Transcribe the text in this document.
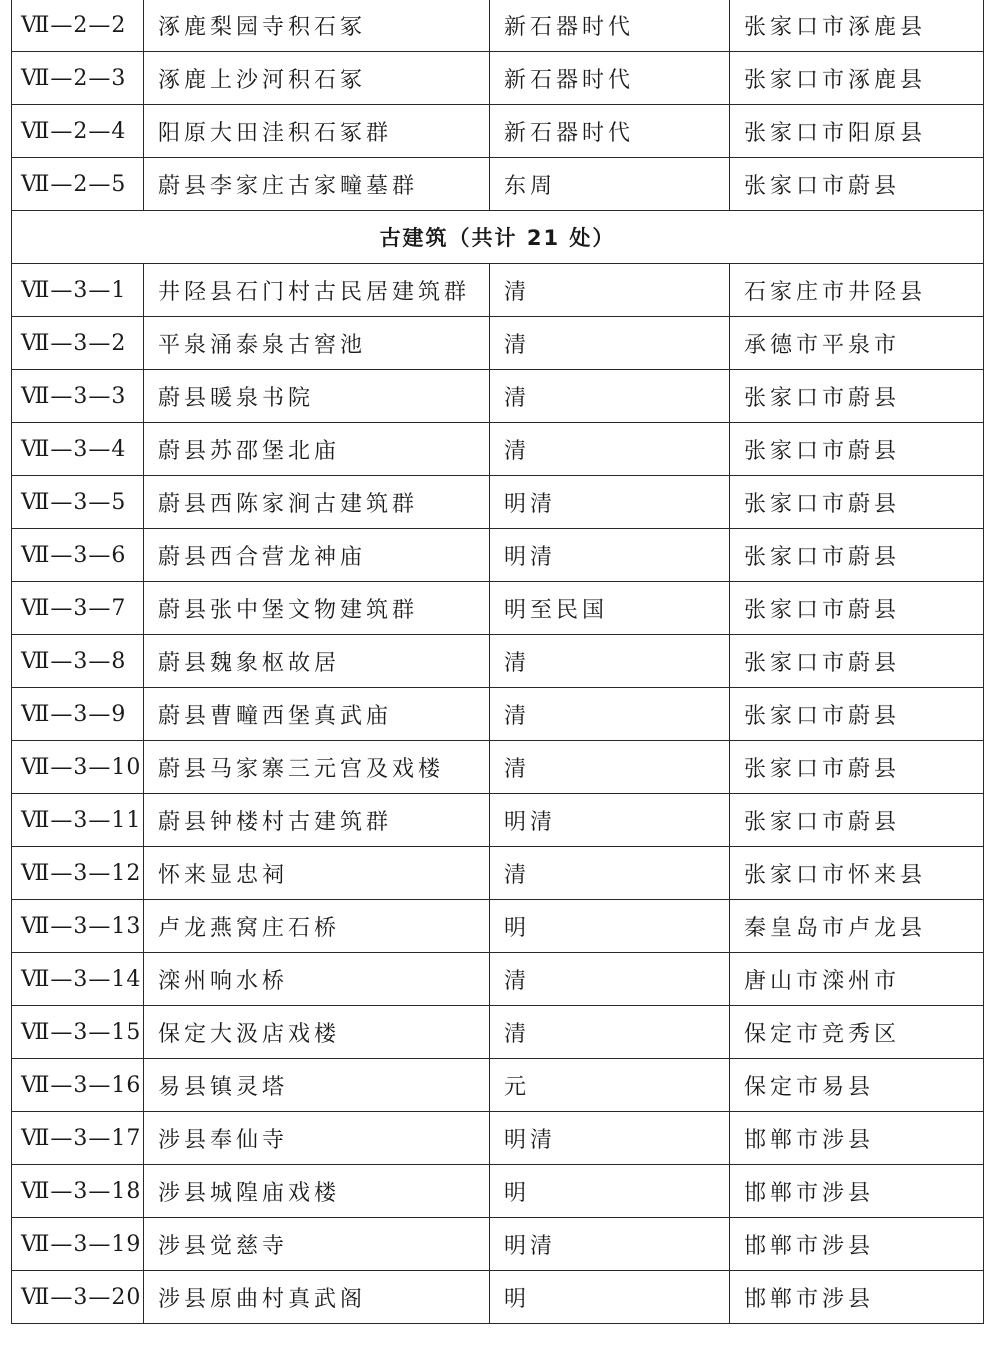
Ⅶ—2—2	涿鹿梨园寺积石冢	新石器时代	张家口市涿鹿县
Ⅶ—2—3	涿鹿上沙河积石冢	新石器时代	张家口市涿鹿县
Ⅶ—2—4	阳原大田洼积石冢群	新石器时代	张家口市阳原县
Ⅶ—2—5	蔚县李家庄古家疃墓群	东周	张家口市蔚县
古建筑（共计 21 处）			
Ⅶ—3—1	井陉县石门村古民居建筑群	清	石家庄市井陉县
Ⅶ—3—2	平泉涌泰泉古窖池	清	承德市平泉市
Ⅶ—3—3	蔚县暖泉书院	清	张家口市蔚县
Ⅶ—3—4	蔚县苏邵堡北庙	清	张家口市蔚县
Ⅶ—3—5	蔚县西陈家涧古建筑群	明清	张家口市蔚县
Ⅶ—3—6	蔚县西合营龙神庙	明清	张家口市蔚县
Ⅶ—3—7	蔚县张中堡文物建筑群	明至民国	张家口市蔚县
Ⅶ—3—8	蔚县魏象枢故居	清	张家口市蔚县
Ⅶ—3—9	蔚县曹疃西堡真武庙	清	张家口市蔚县
Ⅶ—3—10	蔚县马家寨三元宫及戏楼	清	张家口市蔚县
Ⅶ—3—11	蔚县钟楼村古建筑群	明清	张家口市蔚县
Ⅶ—3—12	怀来显忠祠	清	张家口市怀来县
Ⅶ—3—13	卢龙燕窝庄石桥	明	秦皇岛市卢龙县
Ⅶ—3—14	滦州响水桥	清	唐山市滦州市
Ⅶ—3—15	保定大汲店戏楼	清	保定市竞秀区
Ⅶ—3—16	易县镇灵塔	元	保定市易县
Ⅶ—3—17	涉县奉仙寺	明清	邯郸市涉县
Ⅶ—3—18	涉县城隍庙戏楼	明	邯郸市涉县
Ⅶ—3—19	涉县觉慈寺	明清	邯郸市涉县
Ⅶ—3—20	涉县原曲村真武阁	明	邯郸市涉县
